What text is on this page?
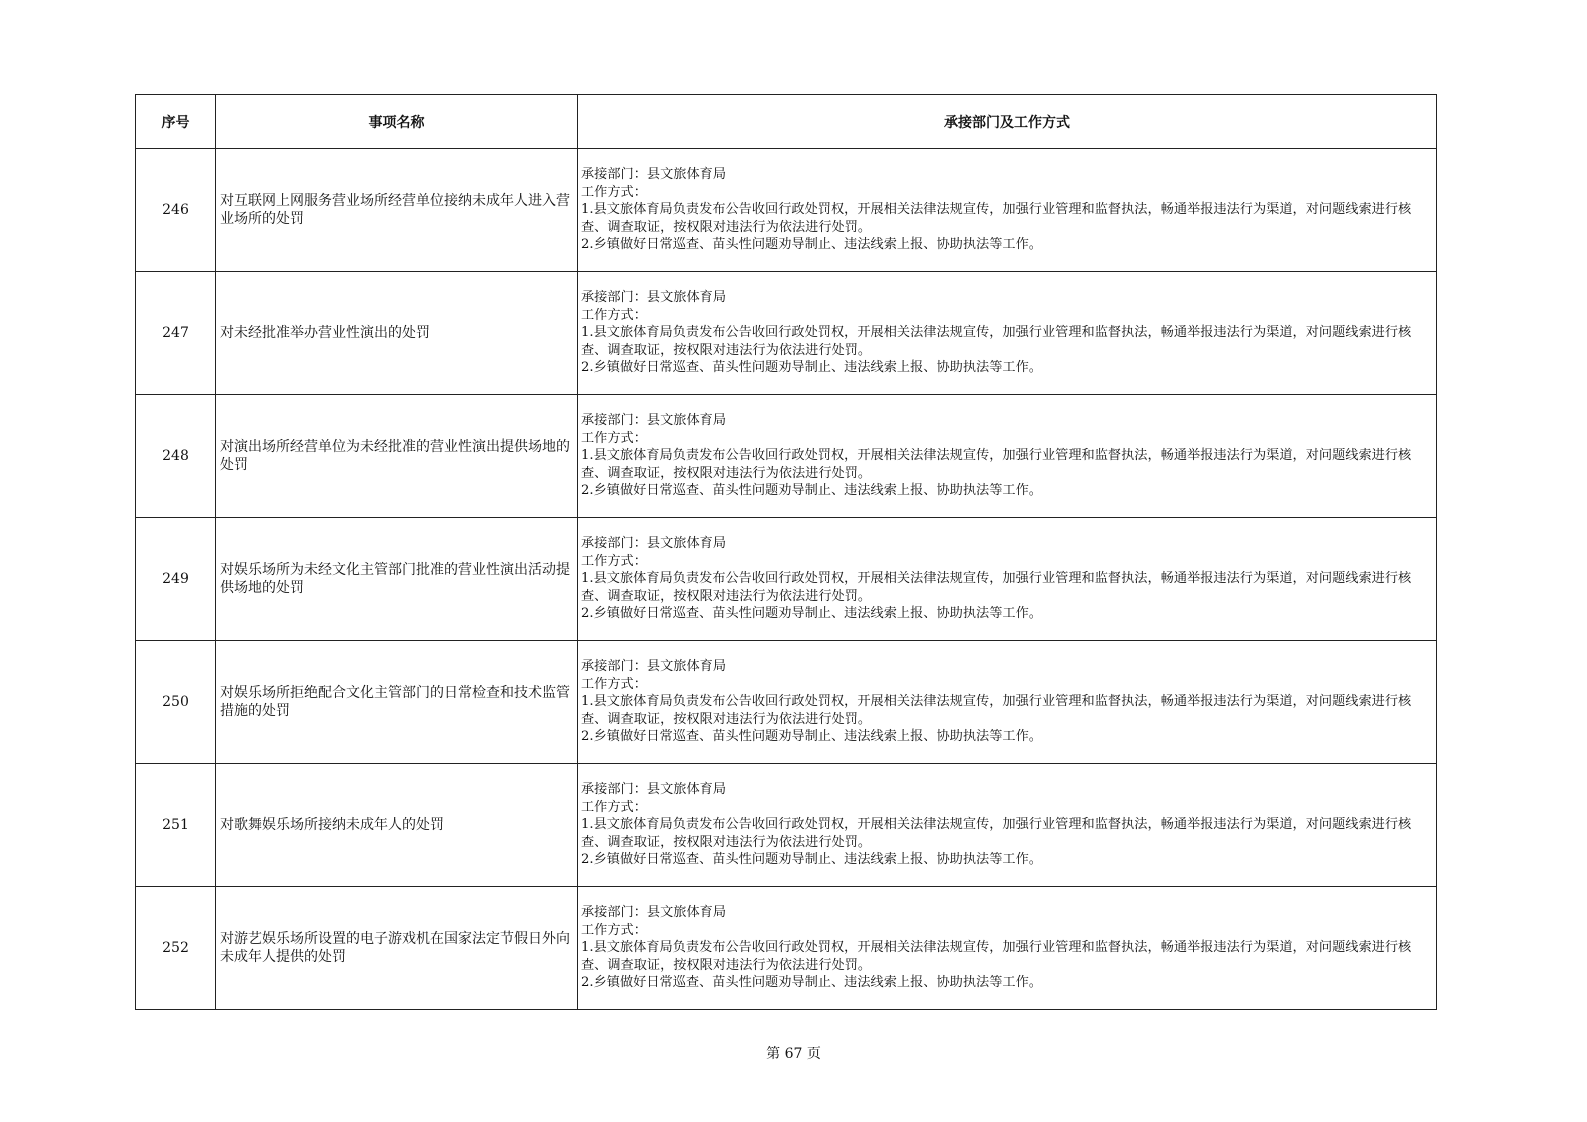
序号	事项名称	承接部门及工作方式
246	对互联网上网服务营业场所经营单位接纳未成年人进入营业场所的处罚	承接部门：县文旅体育局
工作方式：
1.县文旅体育局负责发布公告收回行政处罚权，开展相关法律法规宣传，加强行业管理和监督执法，畅通举报违法行为渠道，对问题线索进行核查、调查取证，按权限对违法行为依法进行处罚。
2.乡镇做好日常巡查、苗头性问题劝导制止、违法线索上报、协助执法等工作。

247	对未经批准举办营业性演出的处罚	承接部门：县文旅体育局
工作方式：
1.县文旅体育局负责发布公告收回行政处罚权，开展相关法律法规宣传，加强行业管理和监督执法，畅通举报违法行为渠道，对问题线索进行核查、调查取证，按权限对违法行为依法进行处罚。
2.乡镇做好日常巡查、苗头性问题劝导制止、违法线索上报、协助执法等工作。

248	对演出场所经营单位为未经批准的营业性演出提供场地的处罚	承接部门：县文旅体育局
工作方式：
1.县文旅体育局负责发布公告收回行政处罚权，开展相关法律法规宣传，加强行业管理和监督执法，畅通举报违法行为渠道，对问题线索进行核查、调查取证，按权限对违法行为依法进行处罚。
2.乡镇做好日常巡查、苗头性问题劝导制止、违法线索上报、协助执法等工作。

249	对娱乐场所为未经文化主管部门批准的营业性演出活动提供场地的处罚	承接部门：县文旅体育局
工作方式：
1.县文旅体育局负责发布公告收回行政处罚权，开展相关法律法规宣传，加强行业管理和监督执法，畅通举报违法行为渠道，对问题线索进行核查、调查取证，按权限对违法行为依法进行处罚。
2.乡镇做好日常巡查、苗头性问题劝导制止、违法线索上报、协助执法等工作。

250	对娱乐场所拒绝配合文化主管部门的日常检查和技术监管措施的处罚	承接部门：县文旅体育局
工作方式：
1.县文旅体育局负责发布公告收回行政处罚权，开展相关法律法规宣传，加强行业管理和监督执法，畅通举报违法行为渠道，对问题线索进行核查、调查取证，按权限对违法行为依法进行处罚。
2.乡镇做好日常巡查、苗头性问题劝导制止、违法线索上报、协助执法等工作。

251	对歌舞娱乐场所接纳未成年人的处罚	承接部门：县文旅体育局
工作方式：
1.县文旅体育局负责发布公告收回行政处罚权，开展相关法律法规宣传，加强行业管理和监督执法，畅通举报违法行为渠道，对问题线索进行核查、调查取证，按权限对违法行为依法进行处罚。
2.乡镇做好日常巡查、苗头性问题劝导制止、违法线索上报、协助执法等工作。

252	对游艺娱乐场所设置的电子游戏机在国家法定节假日外向未成年人提供的处罚	承接部门：县文旅体育局
工作方式：
1.县文旅体育局负责发布公告收回行政处罚权，开展相关法律法规宣传，加强行业管理和监督执法，畅通举报违法行为渠道，对问题线索进行核查、调查取证，按权限对违法行为依法进行处罚。
2.乡镇做好日常巡查、苗头性问题劝导制止、违法线索上报、协助执法等工作。
第 67 页
